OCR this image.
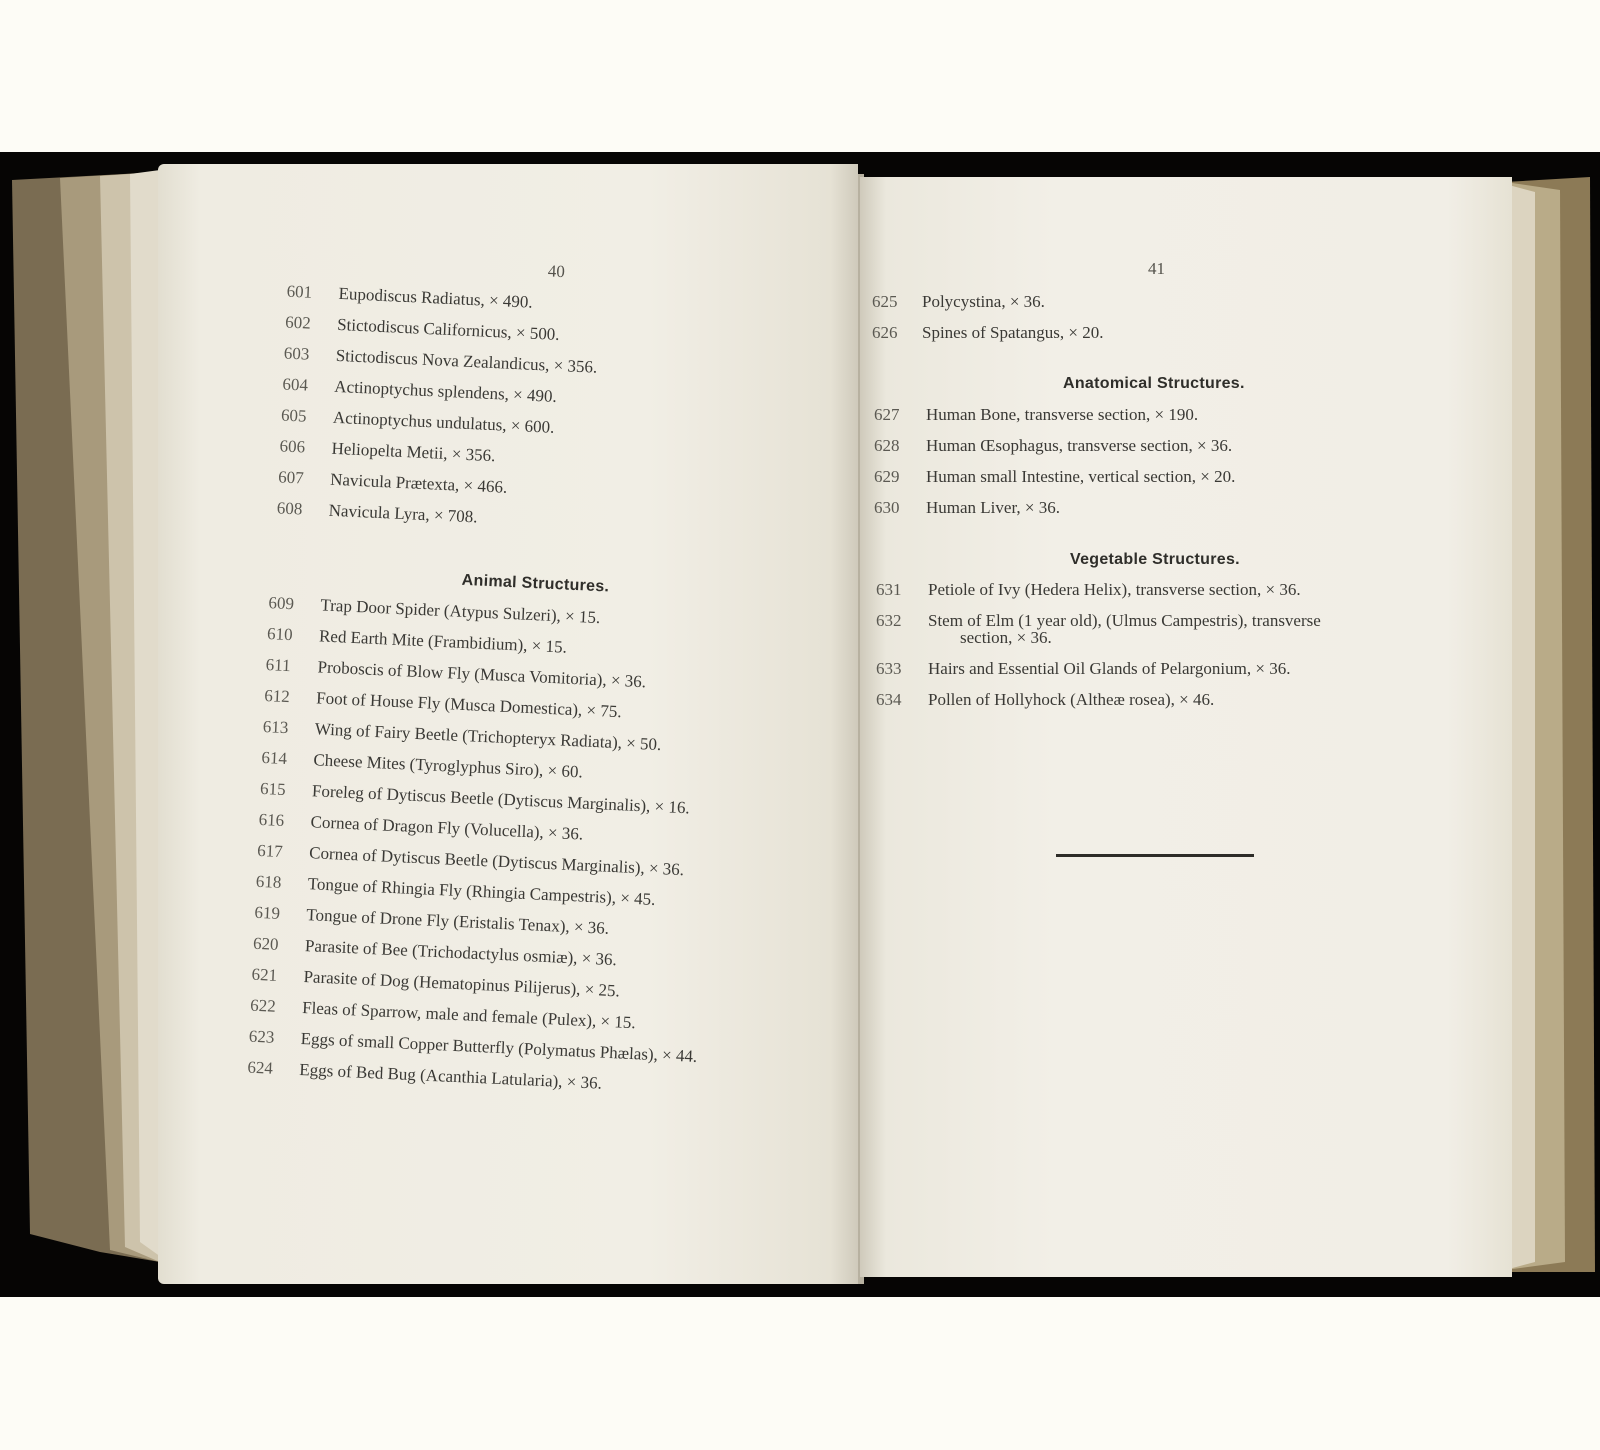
40
601 Eupodiscus Radiatus, × 490.
602 Stictodiscus Californicus, × 500.
603 Stictodiscus Nova Zealandicus, × 356.
604 Actinoptychus splendens, × 490.
605 Actinoptychus undulatus, × 600.
606 Heliopelta Metii, × 356.
607 Navicula Prætexta, × 466.
608 Navicula Lyra, × 708.
Animal Structures.
609 Trap Door Spider (Atypus Sulzeri), × 15.
610 Red Earth Mite (Frambidium), × 15.
611 Proboscis of Blow Fly (Musca Vomitoria), × 36.
612 Foot of House Fly (Musca Domestica), × 75.
613 Wing of Fairy Beetle (Trichopteryx Radiata), × 50.
614 Cheese Mites (Tyroglyphus Siro), × 60.
615 Foreleg of Dytiscus Beetle (Dytiscus Marginalis), × 16.
616 Cornea of Dragon Fly (Volucella), × 36.
617 Cornea of Dytiscus Beetle (Dytiscus Marginalis), × 36.
618 Tongue of Rhingia Fly (Rhingia Campestris), × 45.
619 Tongue of Drone Fly (Eristalis Tenax), × 36.
620 Parasite of Bee (Trichodactylus osmiæ), × 36.
621 Parasite of Dog (Hematopinus Pilijerus), × 25.
622 Fleas of Sparrow, male and female (Pulex), × 15.
623 Eggs of small Copper Butterfly (Polymatus Phælas), × 44.
624 Eggs of Bed Bug (Acanthia Latularia), × 36.
41
625 Polycystina, × 36.
626 Spines of Spatangus, × 20.
Anatomical Structures.
627 Human Bone, transverse section, × 190.
628 Human Œsophagus, transverse section, × 36.
629 Human small Intestine, vertical section, × 20.
630 Human Liver, × 36.
Vegetable Structures.
631 Petiole of Ivy (Hedera Helix), transverse section, × 36.
632 Stem of Elm (1 year old), (Ulmus Campestris), transverse
section, × 36.
633 Hairs and Essential Oil Glands of Pelargonium, × 36.
634 Pollen of Hollyhock (Altheæ rosea), × 46.
